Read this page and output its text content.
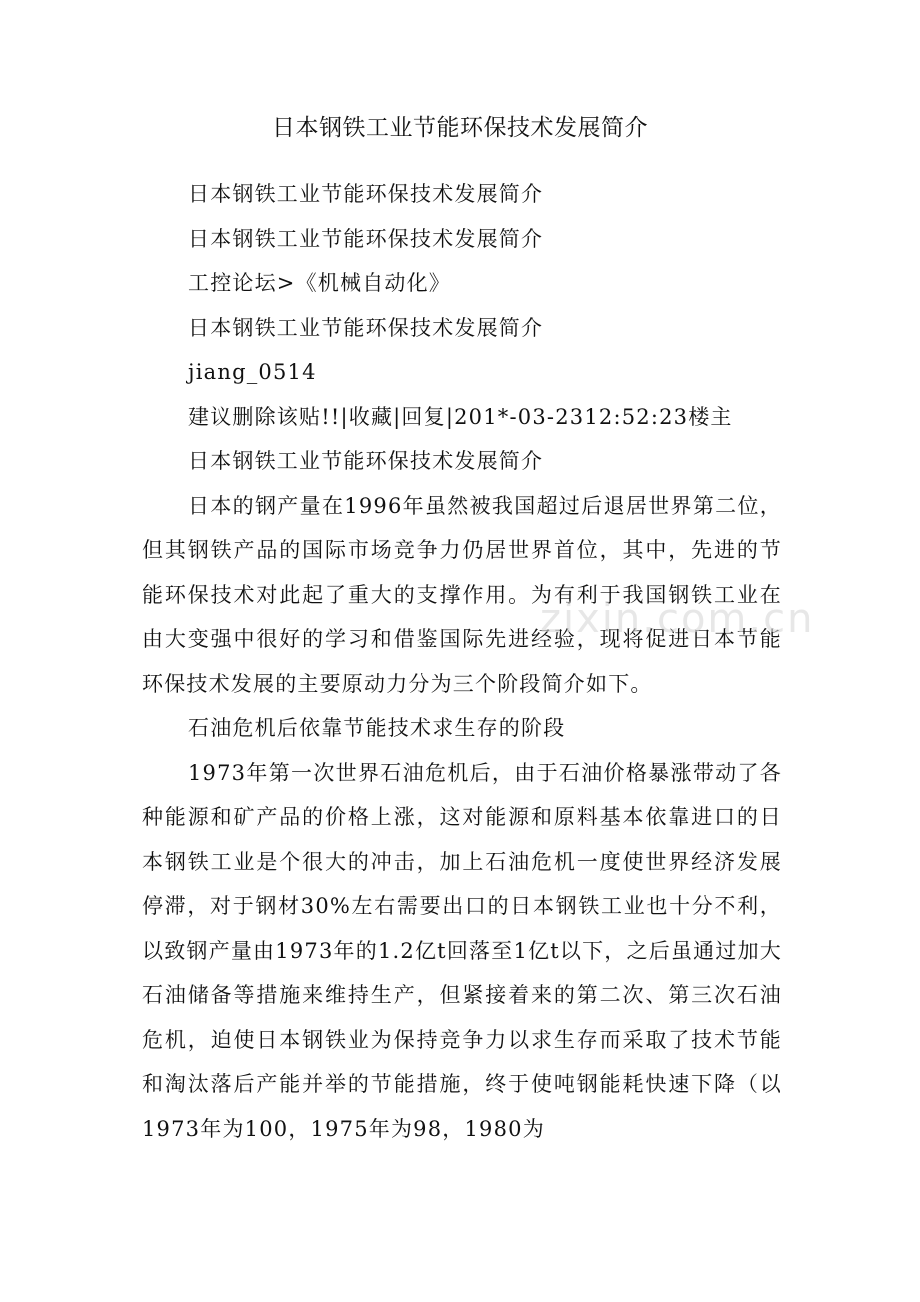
日本钢铁工业节能环保技术发展简介

日本钢铁工业节能环保技术发展简介

日本钢铁工业节能环保技术发展简介

工控论坛>《机械自动化》

日本钢铁工业节能环保技术发展简介

jiang_0514

建议删除该贴!!|收藏|回复|201*-03-2312:52:23楼主

日本钢铁工业节能环保技术发展简介

日本的钢产量在1996年虽然被我国超过后退居世界第二位，但其钢铁产品的国际市场竞争力仍居世界首位，其中，先进的节能环保技术对此起了重大的支撑作用。为有利于我国钢铁工业在由大变强中很好的学习和借鉴国际先进经验，现将促进日本节能环保技术发展的主要原动力分为三个阶段简介如下。

石油危机后依靠节能技术求生存的阶段

1973年第一次世界石油危机后，由于石油价格暴涨带动了各种能源和矿产品的价格上涨，这对能源和原料基本依靠进口的日本钢铁工业是个很大的冲击，加上石油危机一度使世界经济发展停滞，对于钢材30%左右需要出口的日本钢铁工业也十分不利，以致钢产量由1973年的1.2亿t回落至1亿t以下，之后虽通过加大石油储备等措施来维持生产，但紧接着来的第二次、第三次石油危机，迫使日本钢铁业为保持竞争力以求生存而采取了技术节能和淘汰落后产能并举的节能措施，终于使吨钢能耗快速下降（以1973年为100，1975年为98，1980为

zixin.com.cn
